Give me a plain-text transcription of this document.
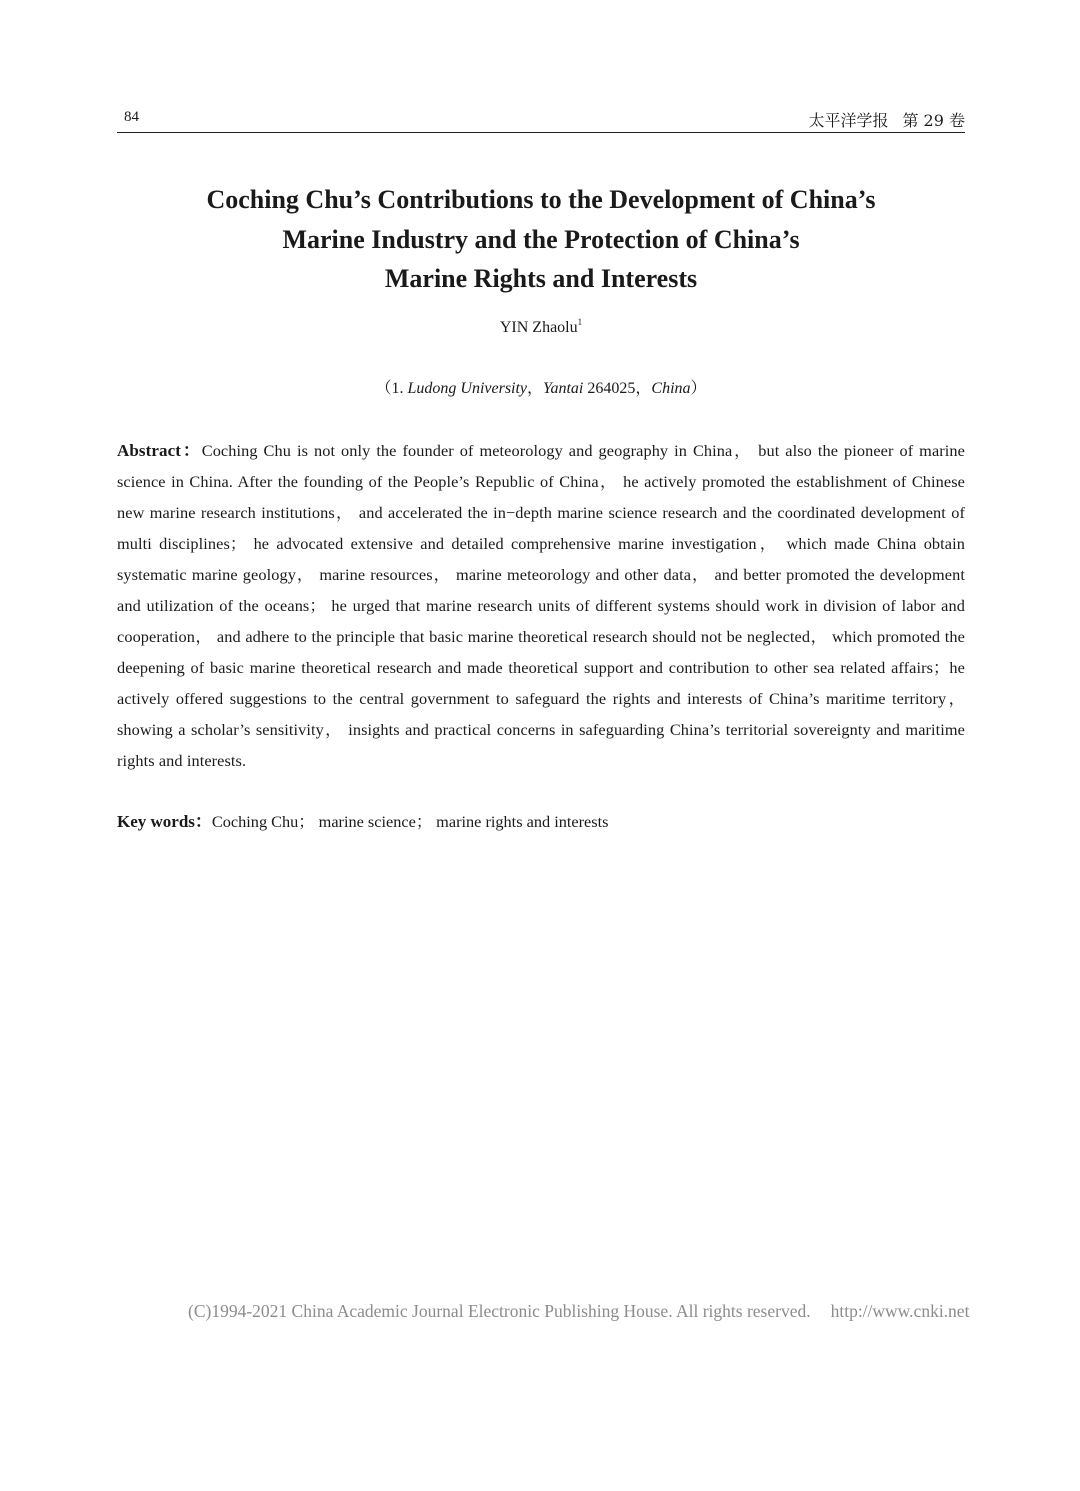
84	太平洋学报 第 29 卷
Coching Chu’s Contributions to the Development of China’s
Marine Industry and the Protection of China’s
Marine Rights and Interests
YIN Zhaolu$^1$
（1. Ludong University，Yantai 264025，China）
Abstract：Coching Chu is not only the founder of meteorology and geography in China， but also the pioneer of marine science in China. After the founding of the People’s Republic of China， he actively promoted the establishment of Chinese new marine research institutions， and accelerated the in−depth marine science research and the coordinated development of multi disciplines； he advocated extensive and detailed comprehensive marine investigation， which made China obtain systematic marine geology， marine resources， marine meteorology and other data， and better promoted the development and utilization of the oceans； he urged that marine research units of different systems should work in division of labor and cooperation， and adhere to the principle that basic marine theoretical research should not be neglected， which promoted the deepening of basic marine theoretical research and made theoretical support and contribution to other sea related affairs；he actively offered suggestions to the central government to safeguard the rights and interests of China’s maritime territory， showing a scholar’s sensitivity， insights and practical concerns in safeguarding China’s territorial sovereignty and maritime rights and interests.
Key words：Coching Chu； marine science； marine rights and interests
(C)1994-2021 China Academic Journal Electronic Publishing House. All rights reserved. http://www.cnki.net
